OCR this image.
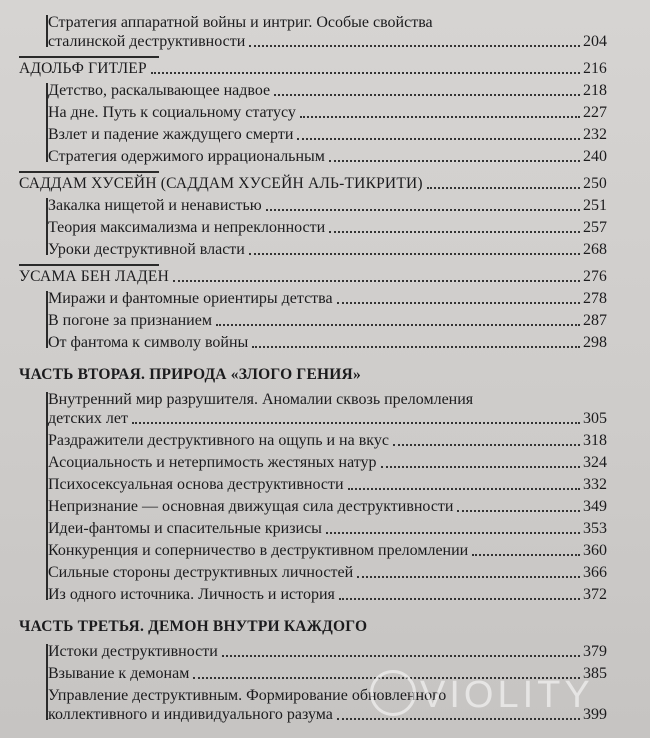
Стратегия аппаратной войны и интриг. Особые свойства
сталинской деструктивности	204
АДОЛЬФ ГИТЛЕР	216
Детство, раскалывающее надвое	218
На дне. Путь к социальному статусу	227
Взлет и падение жаждущего смерти	232
Стратегия одержимого иррациональным	240
САДДАМ ХУСЕЙН (САДДАМ ХУСЕЙН АЛЬ-ТИКРИТИ)	250
Закалка нищетой и ненавистью	251
Теория максимализма и непреклонности	257
Уроки деструктивной власти	268
УСАМА БЕН ЛАДЕН	276
Миражи и фантомные ориентиры детства	278
В погоне за признанием	287
От фантома к символу войны	298
ЧАСТЬ ВТОРАЯ. ПРИРОДА «ЗЛОГО ГЕНИЯ»
Внутренний мир разрушителя. Аномалии сквозь преломления
детских лет	305
Раздражители деструктивного на ощупь и на вкус	318
Асоциальность и нетерпимость жестяных натур	324
Психосексуальная основа деструктивности	332
Непризнание — основная движущая сила деструктивности	349
Идеи-фантомы и спасительные кризисы	353
Конкуренция и соперничество в деструктивном преломлении	360
Сильные стороны деструктивных личностей	366
Из одного источника. Личность и история	372
ЧАСТЬ ТРЕТЬЯ. ДЕМОН ВНУТРИ КАЖДОГО
Истоки деструктивности	379
Взывание к демонам	385
Управление деструктивным. Формирование обновленного
коллективного и индивидуального разума	399
VIOLITY
